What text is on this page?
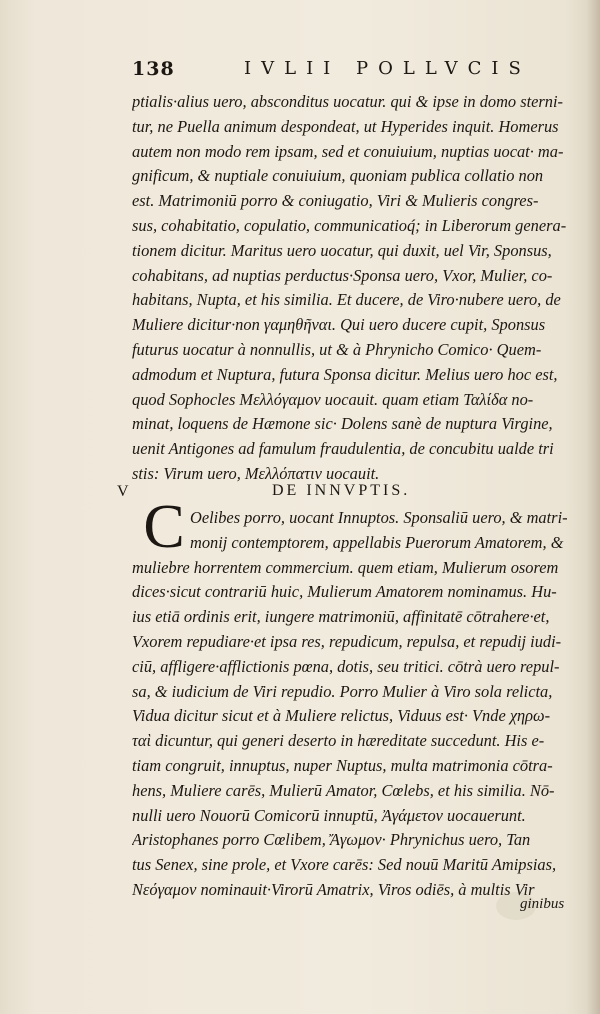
138	IVLII POLLVCIS
ptialis·alius uero, absconditus uocatur. qui & ipse in domo sterni-
tur, ne Puella animum despondeat, ut Hyperides inquit. Homerus
autem non modo rem ipsam, sed et conuiuium, nuptias uocat· ma-
gnificum, & nuptiale conuiuium, quoniam publica collatio non
est. Matrimoniū porro & coniugatio, Viri & Mulieris congres-
sus, cohabitatio, copulatio, communicatioq́; in Liberorum genera-
tionem dicitur. Maritus uero uocatur, qui duxit, uel Vir, Sponsus,
cohabitans, ad nuptias perductus·Sponsa uero, Vxor, Mulier, co-
habitans, Nupta, et his similia. Et ducere, de Viro·nubere uero, de
Muliere dicitur·non γαμηθῆναι. Qui uero ducere cupit, Sponsus
futurus uocatur à nonnullis, ut & à Phrynicho Comico· Quem-
admodum et Nuptura, futura Sponsa dicitur. Melius uero hoc est,
quod Sophocles Μελλόγαμον uocauit. quam etiam Ταλίδα no-
minat, loquens de Hæmone sic· Dolens sanè de nuptura Virgine,
uenit Antigones ad famulum fraudulentia, de concubitu ualde tri
stis: Virum uero, Μελλόπατιν uocauit.
V	DE INNVPTIS.
C Oelibes porro, uocant Innuptos. Sponsaliū uero, & matri-
monij contemptorem, appellabis Puerorum Amatorem, &
muliebre horrentem commercium. quem etiam, Mulierum osorem
dices·sicut contrariū huic, Mulierum Amatorem nominamus. Hu-
ius etiā ordinis erit, iungere matrimoniū, affinitatē cōtrahere·et,
Vxorem repudiare·et ipsa res, repudicum, repulsa, et repudij iudi-
ciū, affligere·afflictionis pœna, dotis, seu tritici. cōtrà uero repul-
sa, & iudicium de Viri repudio. Porro Mulier à Viro sola relicta,
Vidua dicitur sicut et à Muliere relictus, Viduus est· Vnde χηρω-
ταὶ dicuntur, qui generi deserto in hæreditate succedunt. His e-
tiam congruit, innuptus, nuper Nuptus, multa matrimonia cōtra-
hens, Muliere carēs, Mulierū Amator, Cœlebs, et his similia. Nō-
nulli uero Nouorū Comicorū innuptū, Ἀγάμετον uocauerunt.
Aristophanes porro Cœlibem, Ἄγωμον· Phrynichus uero, Tan
tus Senex, sine prole, et Vxore carēs: Sed nouū Maritū Amipsias,
Νεόγαμον nominauit·Virorū Amatrix, Viros odiēs, à multis Vir
ginibus
